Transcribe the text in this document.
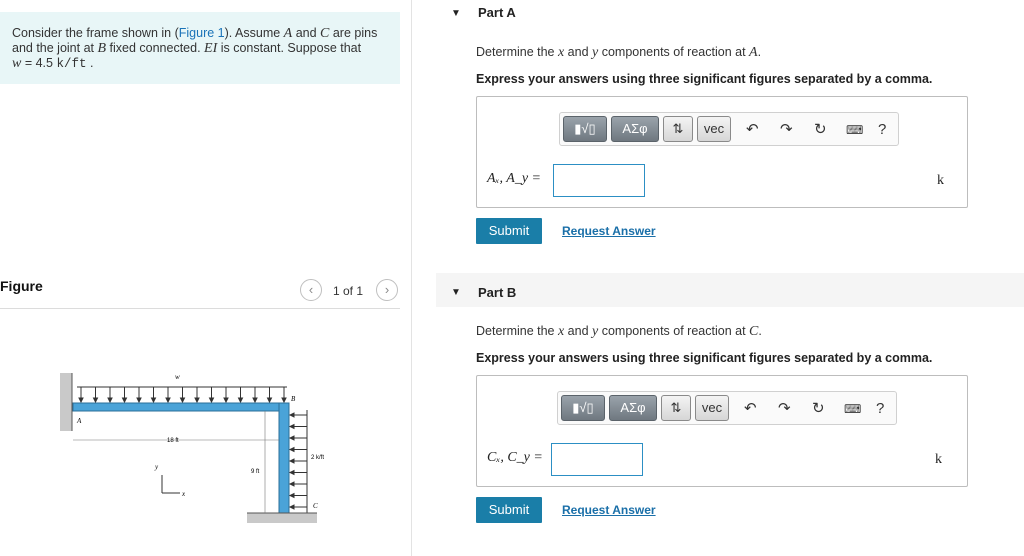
Consider the frame shown in (Figure 1). Assume A and C are pins
and the joint at B fixed connected. EI is constant. Suppose that
w = 4.5 k/ft .
Figure	‹	1 of 1	›
w
A
B
C
18 ft
9 ft
2 k/ft
y
x
▼ Part A
Determine the x and y components of reaction at A.
Express your answers using three significant figures separated by a comma.
▮√▯	ΑΣφ	⇅	vec	↶ ↷ ↻ ⌨ ?
Aₓ, A_y =	k
Submit	Request Answer
▼ Part B
Determine the x and y components of reaction at C.
Express your answers using three significant figures separated by a comma.
▮√▯	ΑΣφ	⇅	vec	↶ ↷ ↻ ⌨ ?
Cₓ, C_y =	k
Submit	Request Answer
